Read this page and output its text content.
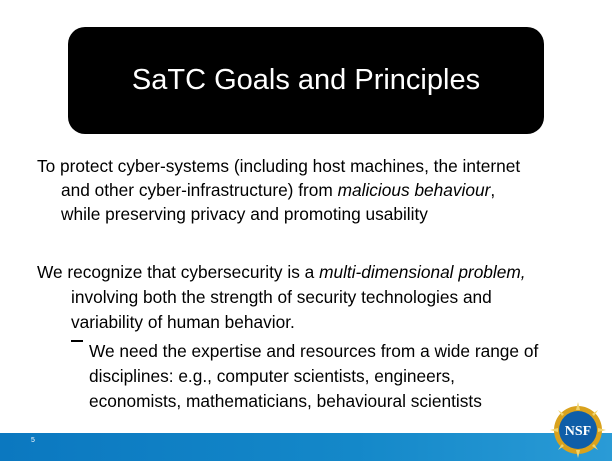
SaTC Goals and Principles
To protect cyber-systems (including host machines, the internet
and other cyber-infrastructure) from malicious behaviour,
while preserving privacy and promoting usability
We recognize that cybersecurity is a multi-dimensional problem,
involving both the strength of security technologies and
variability of human behavior.
We need the expertise and resources from a wide range of
disciplines: e.g., computer scientists, engineers,
economists, mathematicians, behavioural scientists
5
NSF
